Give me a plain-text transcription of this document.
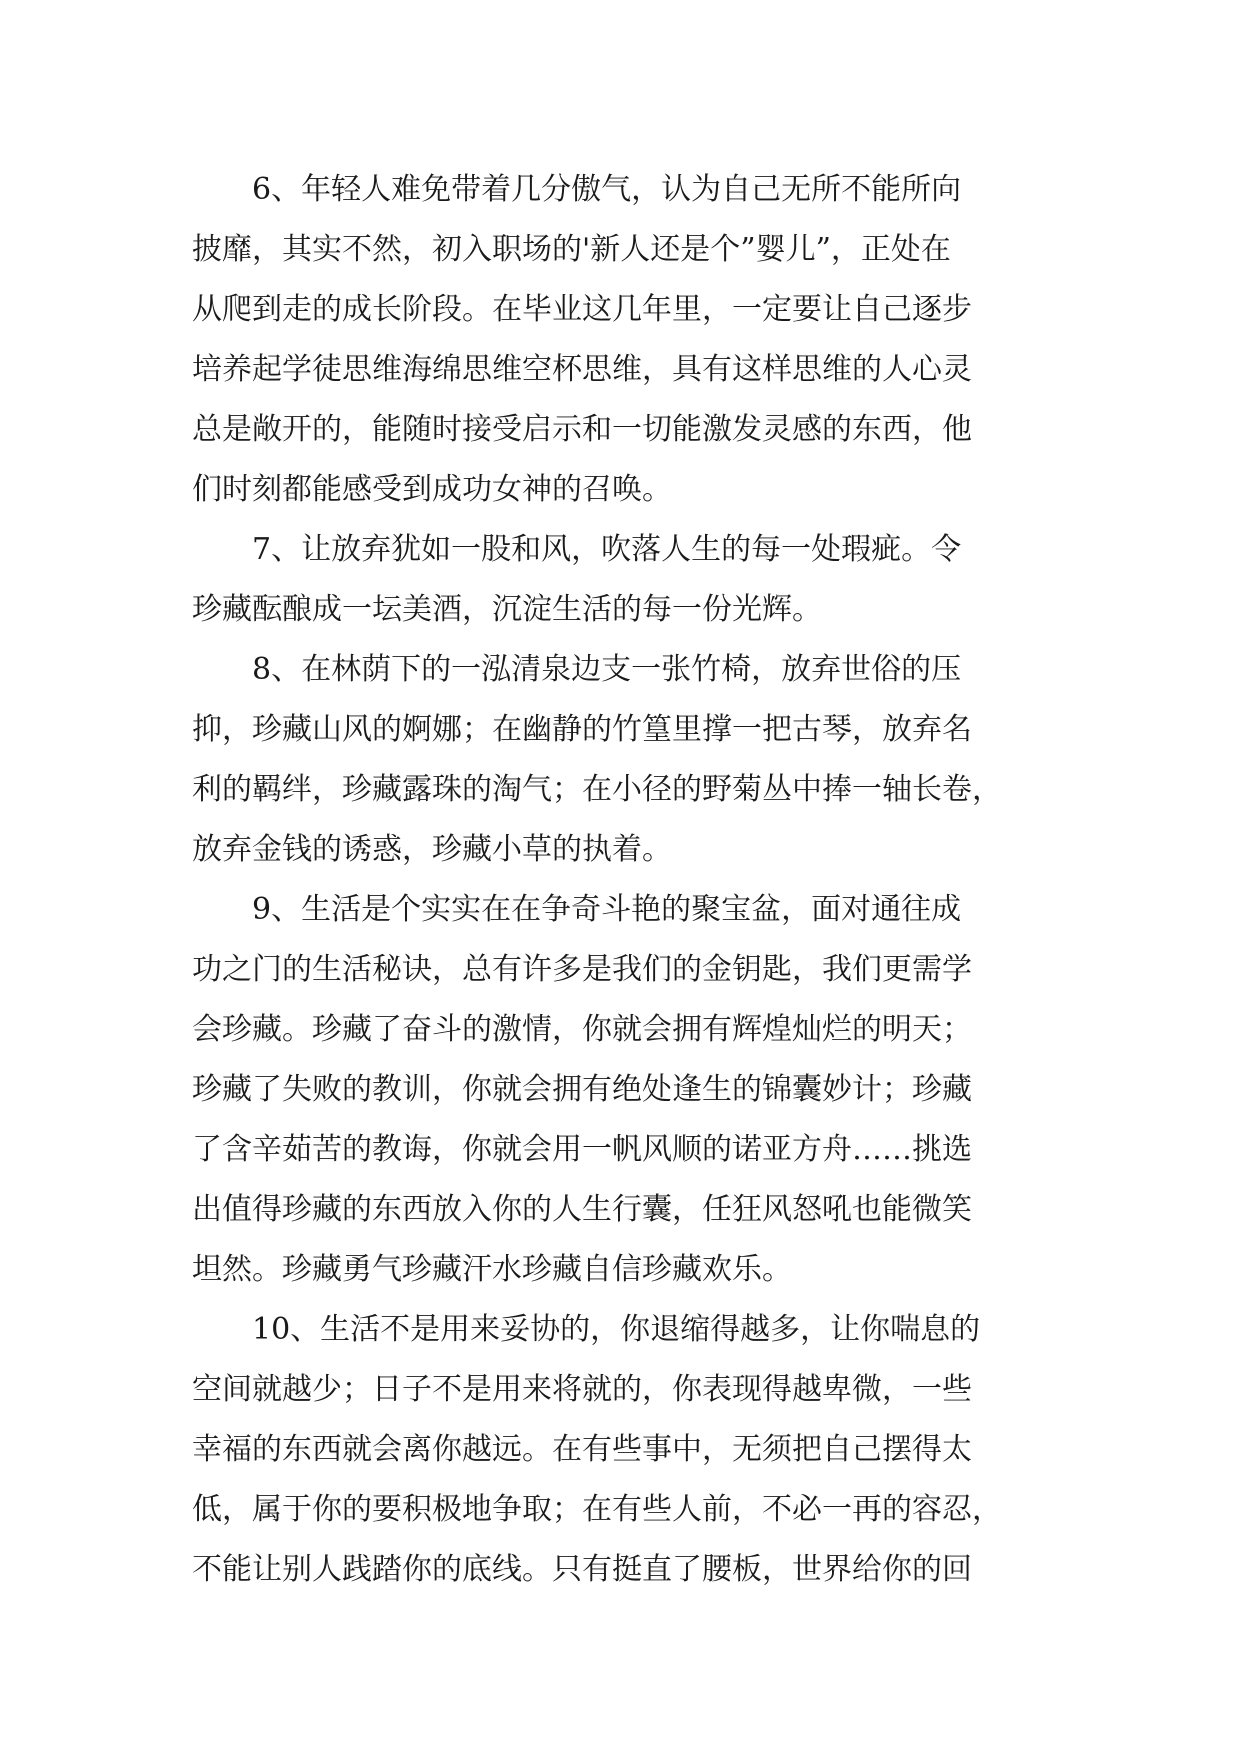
6、年轻人难免带着几分傲气，认为自己无所不能所向
披靡，其实不然，初入职场的'新人还是个”婴儿”，正处在
从爬到走的成长阶段。在毕业这几年里，一定要让自己逐步
培养起学徒思维海绵思维空杯思维，具有这样思维的人心灵
总是敞开的，能随时接受启示和一切能激发灵感的东西，他
们时刻都能感受到成功女神的召唤。
7、让放弃犹如一股和风，吹落人生的每一处瑕疵。令
珍藏酝酿成一坛美酒，沉淀生活的每一份光辉。
8、在林荫下的一泓清泉边支一张竹椅，放弃世俗的压
抑，珍藏山风的婀娜；在幽静的竹篁里撑一把古琴，放弃名
利的羁绊，珍藏露珠的淘气；在小径的野菊丛中捧一轴长卷，
放弃金钱的诱惑，珍藏小草的执着。
9、生活是个实实在在争奇斗艳的聚宝盆，面对通往成
功之门的生活秘诀，总有许多是我们的金钥匙，我们更需学
会珍藏。珍藏了奋斗的激情，你就会拥有辉煌灿烂的明天；
珍藏了失败的教训，你就会拥有绝处逢生的锦囊妙计；珍藏
了含辛茹苦的教诲，你就会用一帆风顺的诺亚方舟……挑选
出值得珍藏的东西放入你的人生行囊，任狂风怒吼也能微笑
坦然。珍藏勇气珍藏汗水珍藏自信珍藏欢乐。
10、生活不是用来妥协的，你退缩得越多，让你喘息的
空间就越少；日子不是用来将就的，你表现得越卑微，一些
幸福的东西就会离你越远。在有些事中，无须把自己摆得太
低，属于你的要积极地争取；在有些人前，不必一再的容忍，
不能让别人践踏你的底线。只有挺直了腰板，世界给你的回
